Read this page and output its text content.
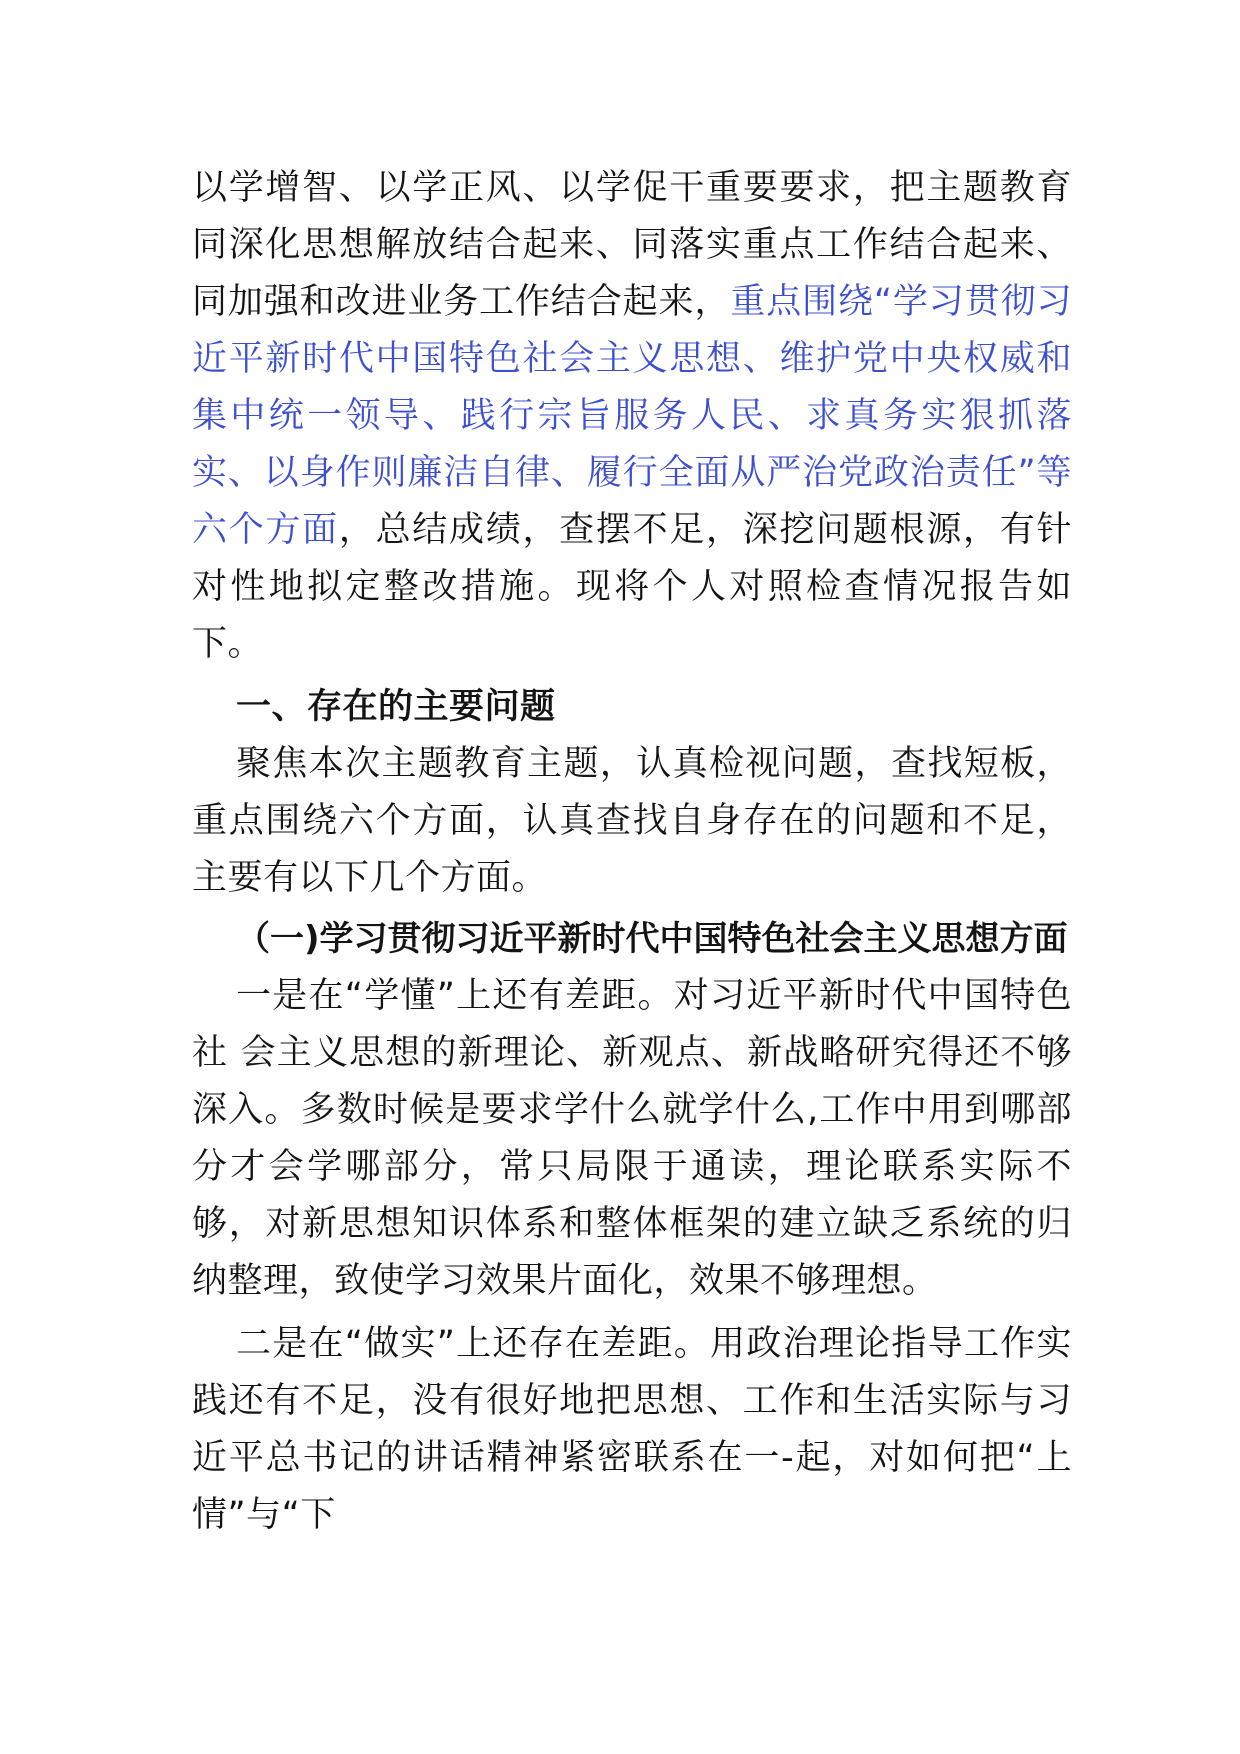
以学增智、以学正风、以学促干重要要求，把主题教育同深化思想解放结合起来、同落实重点工作结合起来、同加强和改进业务工作结合起来，重点围绕“学习贯彻习近平新时代中国特色社会主义思想、维护党中央权威和集中统一领导、践行宗旨服务人民、求真务实狠抓落实、以身作则廉洁自律、履行全面从严治党政治责任”等六个方面，总结成绩，查摆不足，深挖问题根源，有针对性地拟定整改措施。现将个人对照检查情况报告如下。

一、存在的主要问题

聚焦本次主题教育主题，认真检视问题，查找短板，重点围绕六个方面，认真查找自身存在的问题和不足，主要有以下几个方面。

（一)学习贯彻习近平新时代中国特色社会主义思想方面

一是在“学懂”上还有差距。对习近平新时代中国特色社 会主义思想的新理论、新观点、新战略研究得还不够深入。多数时候是要求学什么就学什么,工作中用到哪部分才会学哪部分，常只局限于通读，理论联系实际不够，对新思想知识体系和整体框架的建立缺乏系统的归纳整理，致使学习效果片面化，效果不够理想。

二是在“做实”上还存在差距。用政治理论指导工作实践还有不足，没有很好地把思想、工作和生活实际与习近平总书记的讲话精神紧密联系在一-起，对如何把“上情”与“下
